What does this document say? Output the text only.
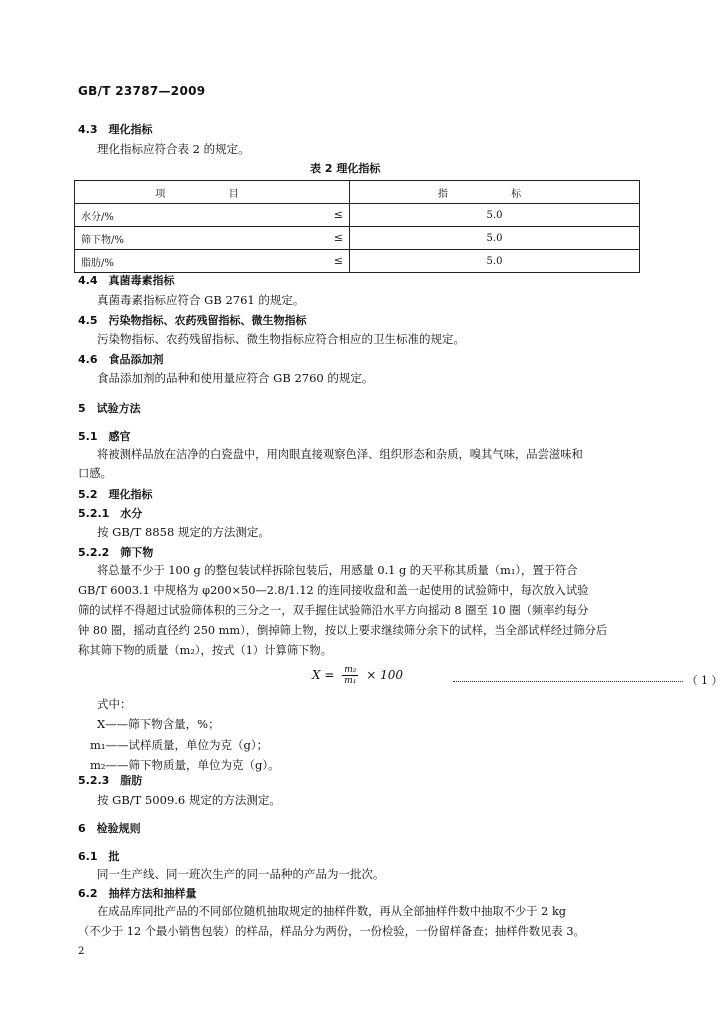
GB/T 23787—2009
4.3 理化指标
理化指标应符合表 2 的规定。
表 2 理化指标
项 目	指 标
水分/% ≤	5.0
筛下物/% ≤	5.0
脂肪/% ≤	5.0
4.4 真菌毒素指标
真菌毒素指标应符合 GB 2761 的规定。
4.5 污染物指标、农药残留指标、微生物指标
污染物指标、农药残留指标、微生物指标应符合相应的卫生标准的规定。
4.6 食品添加剂
食品添加剂的品种和使用量应符合 GB 2760 的规定。
5 试验方法
5.1 感官
将被测样品放在洁净的白瓷盘中，用肉眼直接观察色泽、组织形态和杂质，嗅其气味，品尝滋味和
口感。
5.2 理化指标
5.2.1 水分
按 GB/T 8858 规定的方法测定。
5.2.2 筛下物
将总量不少于 100 g 的整包装试样拆除包装后，用感量 0.1 g 的天平称其质量（m₁），置于符合
GB/T 6003.1 中规格为 φ200×50—2.8/1.12 的连同接收盘和盖一起使用的试验筛中，每次放入试验
筛的试样不得超过试验筛体积的三分之一，双手握住试验筛沿水平方向摇动 8 圈至 10 圈（频率约每分
钟 80 圈，摇动直径约 250 mm），倒掉筛上物，按以上要求继续筛分余下的试样，当全部试样经过筛分后
称其筛下物的质量（m₂），按式（1）计算筛下物。
$X = \frac{\text{m₂}}{\text{m₁}} \times 100$	（ 1 ）
式中：
X——筛下物含量，%；
m₁——试样质量，单位为克（g）；
m₂——筛下物质量，单位为克（g）。
5.2.3 脂肪
按 GB/T 5009.6 规定的方法测定。
6 检验规则
6.1 批
同一生产线、同一班次生产的同一品种的产品为一批次。
6.2 抽样方法和抽样量
在成品库同批产品的不同部位随机抽取规定的抽样件数，再从全部抽样件数中抽取不少于 2 kg
（不少于 12 个最小销售包装）的样品，样品分为两份，一份检验，一份留样备查；抽样件数见表 3。
2
